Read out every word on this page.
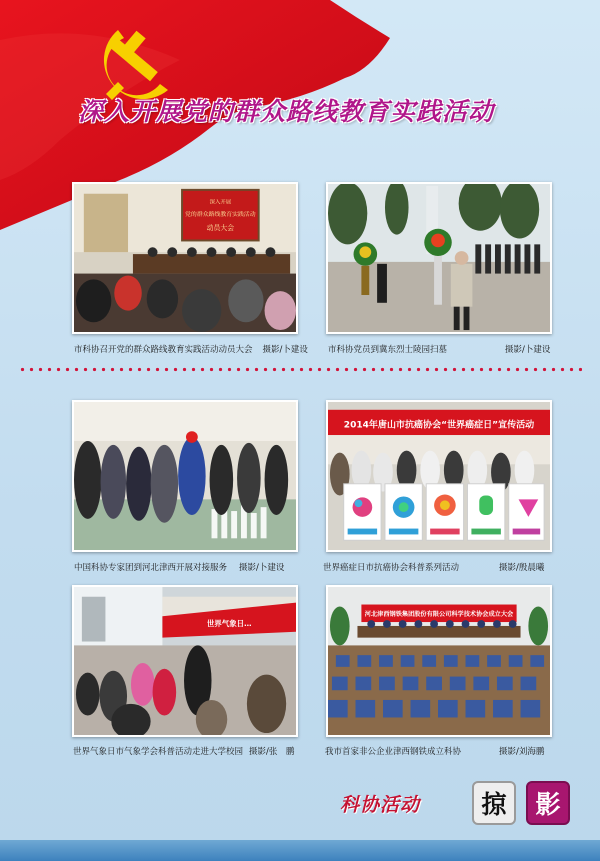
深入开展党的群众路线教育实践活动
深入开展
党的群众路线教育实践活动
动员大会
市科协召开党的群众路线教育实践活动动员大会 摄影/卜建设 市科协党员到冀东烈士陵园扫墓	摄影/卜建设
中国科协专家团到河北津西开展对接服务 摄影/卜建设
2014年唐山市抗癌协会“世界癌症日”宣传活动
世界癌症日市抗癌协会科普系列活动	摄影/殷晨曦
世界气象日…
世界气象日市气象学会科普活动走进大学校园 摄影/张　鹏
河北津西钢铁集团股份有限公司科学技术协会成立大会
我市首家非公企业津西钢铁成立科协	摄影/刘海鹏
科协活动	掠	影
